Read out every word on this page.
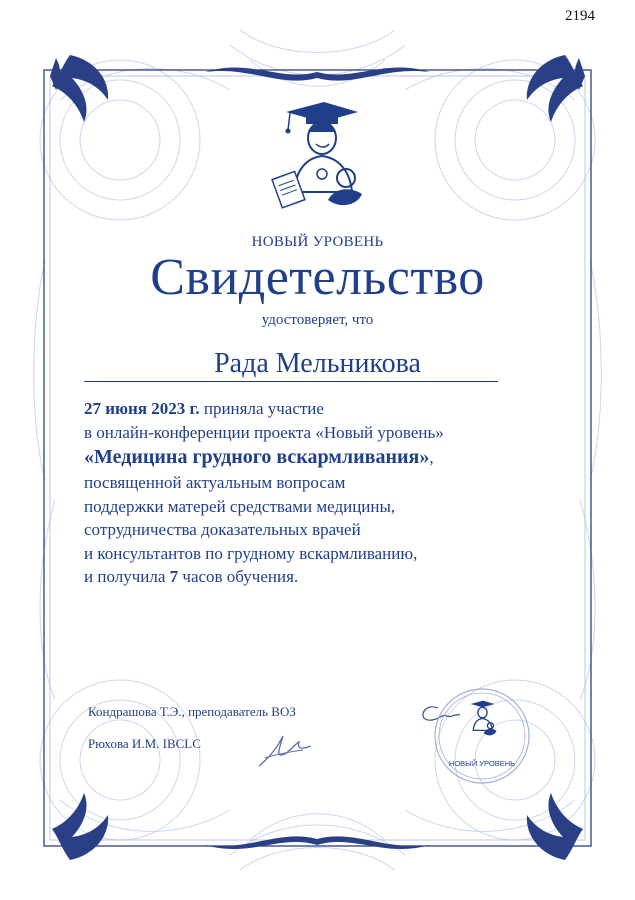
2194
НОВЫЙ УРОВЕНЬ
Свидетельство
удостоверяет, что
Рада Мельникова
27 июня 2023 г. приняла участие
в онлайн-конференции проекта «Новый уровень»
«Медицина грудного вскармливания»,
посвященной актуальным вопросам
поддержки матерей средствами медицины,
сотрудничества доказательных врачей
и консультантов по грудному вскармливанию,
и получила 7 часов обучения.
Кондрашова Т.Э., преподаватель ВОЗ
Рюхова И.М. IBCLC
НОВЫЙ УРОВЕНЬ
